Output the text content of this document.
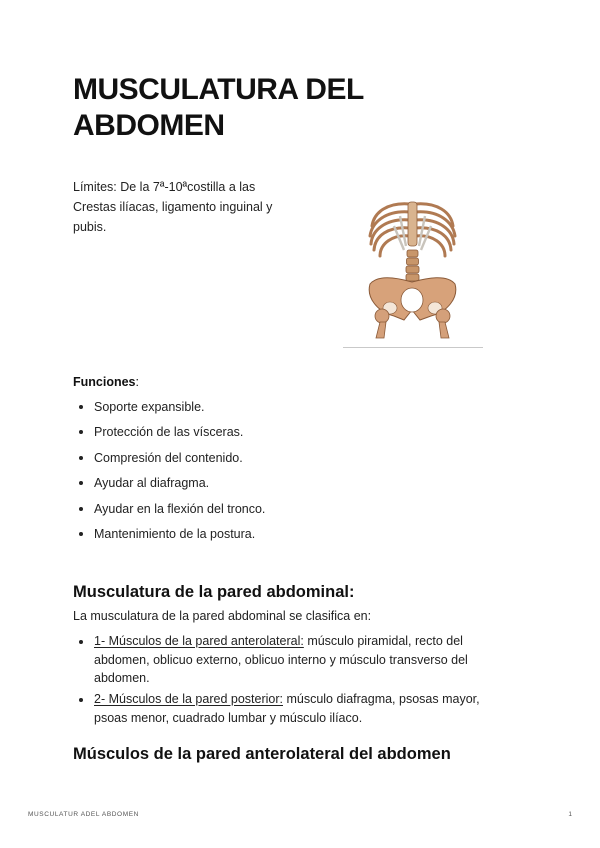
MUSCULATURA DEL ABDOMEN

Límites: De la 7ª-10ªcostilla a las Crestas ilíacas, ligamento inguinal y pubis.

Funciones:

Soporte expansible.
Protección de las vísceras.
Compresión del contenido.
Ayudar al diafragma.
Ayudar en la flexión del tronco.
Mantenimiento de la postura.
Musculatura de la pared abdominal:

La musculatura de la pared abdominal se clasifica en:

1- Músculos de la pared anterolateral: músculo piramidal, recto del abdomen, oblicuo externo, oblicuo interno y músculo transverso del abdomen.
2- Músculos de la pared posterior: músculo diafragma, psosas mayor, psoas menor, cuadrado lumbar y músculo ilíaco.
Músculos de la pared anterolateral del abdomen
MUSCULATUR ADEL ABDOMEN	1
